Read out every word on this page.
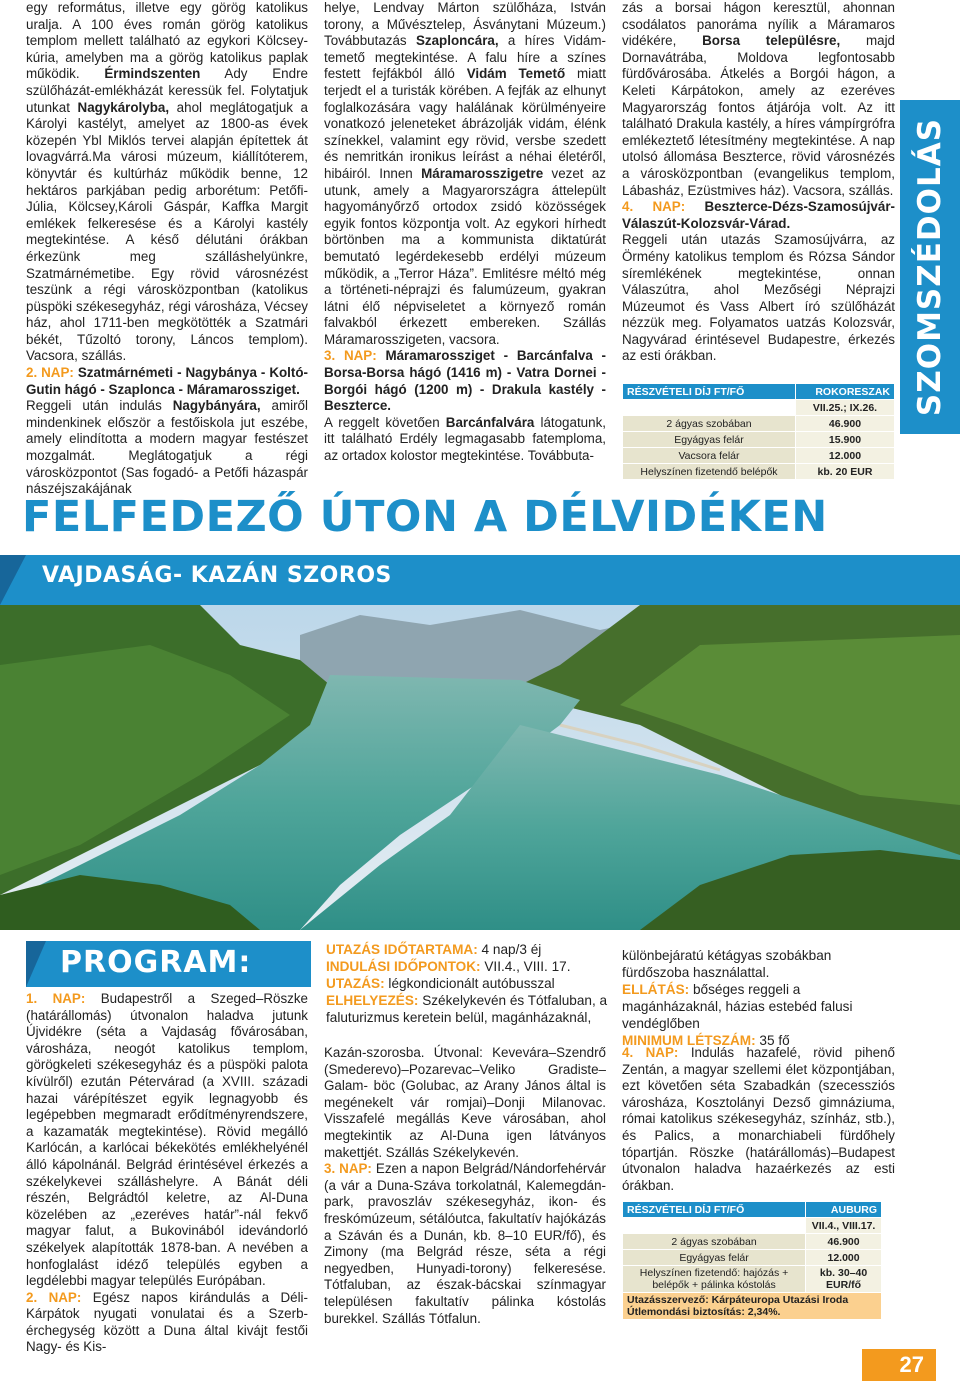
egy református, illetve egy görög katolikus uralja. A 100 éves román görög katolikus templom mellett található az egykori Kölcsey-kúria, amelyben ma a görög katolikus paplak működik. Érmindszenten Ady Endre szülőházát-emlékházát keressük fel. Folytatjuk utunkat Nagykárolyba, ahol meglátogatjuk a Károlyi kastélyt, amelyet az 1800-as évek közepén Ybl Miklós tervei alapján építettek át lovagvárrá.Ma városi múzeum, kiállítóterem, könyvtár és kultúrház működik benne, 12 hektáros parkjában pedig arborétum: Petőfi-Júlia, Kölcsey,Károli Gáspár, Kaffka Margit emlékek felkeresése és a Károlyi kastély megtekintése. A késő délutáni órákban érkezünk meg szálláshelyünkre, Szatmárnémetibe. Egy rövid városnézést teszünk a régi városközpontban (katolikus püspöki székesegyház, régi városháza, Vécsey ház, ahol 1711-ben megkötötték a Szatmári békét, Tűzoltó torony, Láncos templom). Vacsora, szállás.

2. NAP: Szatmárnémeti - Nagybánya - Koltó-Gutin hágó - Szaplonca - Máramarossziget.

Reggeli után indulás Nagybányára, amiről mindenkinek először a festőiskola jut eszébe, amely elindította a modern magyar festészet mozgalmát. Meglátogatjuk a régi városközpontot (Sas fogadó- a Petőfi házaspár nászéjszakájának

helye, Lendvay Márton szülőháza, István torony, a Művésztelep, Ásványtani Múzeum.) Továbbutazás Szaploncára, a híres Vidám-temető megtekintése. A falu híre a színes festett fejfákból álló Vidám Temető miatt terjedt el a turisták körében. A fejfák az elhunyt foglalkozására vagy halálának körülményeire vonatkozó jeleneteket ábrázolják vidám, élénk színekkel, valamint egy rövid, versbe szedett és nemritkán ironikus leírást a néhai életéről, hibáiról. Innen Máramarosszigetre vezet az utunk, amely a Magyarországra áttelepült hagyományőrző ortodox zsidó közösségek egyik fontos központja volt. Az egykori hírhedt börtönben ma a kommunista diktatúrát bemutató legérdekesebb erdélyi múzeum működik, a „Terror Háza”. Emlitésre méltó még a történeti-néprajzi és falumúzeum, gyakran látni élő népviseletet a környező román falvakból érkezett embereken. Szállás Máramarosszigeten, vacsora.

3. NAP: Máramarossziget - Barcánfalva - Borsa-Borsa hágó (1416 m) - Vatra Dornei - Borgói hágó (1200 m) - Drakula kastély - Beszterce.

A reggelt követően Barcánfalvára látogatunk, itt található Erdély legmagasabb fatemploma, az ortadox kolostor megtekintése. Továbbuta-

zás a borsai hágon keresztül, ahonnan csodálatos panoráma nyílik a Máramaros vidékére, Borsa településre, majd Dornavátrába, Moldova legfontosabb fürdővárosába. Átkelés a Borgói hágon, a Keleti Kárpátokon, amely az ezeréves Magyarország fontos átjárója volt. Az itt található Drakula kastély, a híres vámpírgrófra emlékeztető létesítmény megtekintése. A nap utolsó állomása Beszterce, rövid városnézés a városközpontban (evangelikus templom, Lábasház, Ezüstmives ház). Vacsora, szállás.

4. NAP: Beszterce-Dézs-Szamosújvár-Válaszút-Kolozsvár-Várad.

Reggeli után utazás Szamosújvárra, az Örmény katolikus templom és Rózsa Sándor síremlékének megtekintése, onnan Válaszútra, ahol Mezőségi Néprajzi Múzeumot és Vass Albert író szülőházát nézzük meg. Folyamatos uatzás Kolozsvár, Nagyvárad érintésevel Budapestre, érkezés az esti órákban.	SZOMSZÉDOLÁS
RÉSZVÉTELI DÍJ FT/FŐ	ROKORESZAK
	VII.25.; IX.26.
2 ágyas szobában	46.900
Egyágyas felár	15.900
Vacsora felár	12.000
Helyszínen fizetendő belépők	kb. 20 EUR
FELFEDEZŐ ÚTON A DÉLVIDÉKEN
VAJDASÁG- KAZÁN SZOROS
PROGRAM:

1. NAP: Budapestről a Szeged–Röszke (határállomás) útvonalon haladva jutunk Újvidékre (séta a Vajdaság fővárosában, városháza, neogót katolikus templom, görögkeleti székesegyház és a püspöki palota kívülről) ezután Pétervárad (a XVIII. századi hazai várépítészet egyik legnagyobb és legépebben megmaradt erődítményrendszere, a kazamaták megtekintése). Rövid megálló Karlócán, a karlócai békekötés emlékhelyénél álló kápolnánál. Belgrád érintésével érkezés a székelykevei szálláshelyre. A Bánát déli részén, Belgrádtól keletre, az Al-Duna közelében az „ezeréves határ”-nál fekvő magyar falut, a Bukovinából idevándorló székelyek alapították 1878-ban. A nevében a honfoglalást idéző település egyben a legdélebbi magyar település Európában.

2. NAP: Egész napos kirándulás a Déli-Kárpátok nyugati vonulatai és a Szerb-érchegység között a Duna által kivájt festői Nagy- és Kis-

UTAZÁS IDŐTARTAMA: 4 nap/3 éj
INDULÁSI IDŐPONTOK: VII.4., VIII. 17.
UTAZÁS: légkondicionált autóbusszal
ELHELYEZÉS: Székelykevén és Tótfaluban, a faluturizmus keretein belül, magánházaknál,

Kazán-szorosba. Útvonal: Kevevára–Szendrő (Smederevo)–Pozarevac–Veliko Gradiste–Galam- böc (Golubac, az Arany János által is megénekelt vár romjai)–Donji Milanovac. Visszafelé megállás Keve városában, ahol megtekintik az Al-Duna igen látványos makettjét. Szállás Székelykevén.

3. NAP: Ezen a napon Belgrád/Nándorfehérvár (a vár a Duna-Száva torkolatnál, Kalemegdán-park, pravoszláv székesegyház, ikon- és freskómúzeum, sétálóutca, fakultatív hajókázás a Száván és a Dunán, kb. 8–10 EUR/fő), és Zimony (ma Belgrád része, séta a régi negyedben, Hunyadi-torony) felkeresése. Tótfaluban, az észak-bácskai színmagyar településen fakultatív pálinka kóstolás burekkel. Szállás Tótfalun.

különbejáratú kétágyas szobákban fürdőszoba használattal.
ELLÁTÁS: bőséges reggeli a magánházaknál, házias estebéd falusi vendéglőben
MINIMUM LÉTSZÁM: 35 fő

4. NAP: Indulás hazafelé, rövid pihenő Zentán, a magyar szellemi élet központjában, ezt követően séta Szabadkán (szecessziós városháza, Kosztolányi Dezső gimnáziuma, római katolikus székesegyház, színház, stb.), és Palics, a monarchiabeli fürdőhely tópartján. Röszke (határállomás)–Budapest útvonalon haladva hazaérkezés az esti órákban.

RÉSZVÉTELI DÍJ FT/FŐ	AUBURG
	VII.4., VIII.17.
2 ágyas szobában	46.900
Egyágyas felár	12.000
Helyszínen fizetendő: hajózás + belépők + pálinka kóstolás	kb. 30–40 EUR/fő
Utazásszervező: Kárpáteuropa Utazási Iroda Útlemondási biztosítás: 2,34%.	
27
